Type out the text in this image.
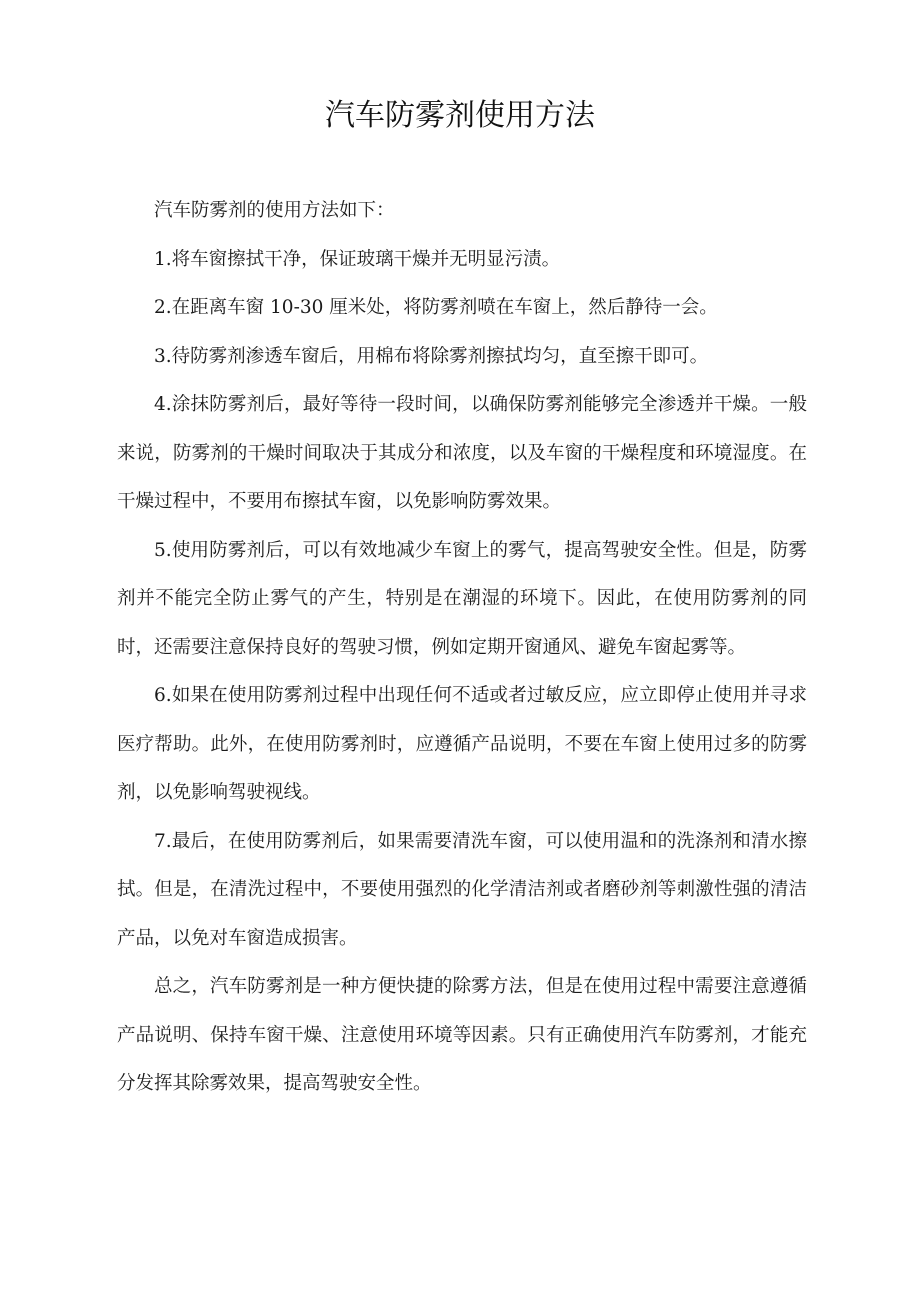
汽车防雾剂使用方法

汽车防雾剂的使用方法如下：

1.将车窗擦拭干净，保证玻璃干燥并无明显污渍。

2.在距离车窗 10-30 厘米处，将防雾剂喷在车窗上，然后静待一会。

3.待防雾剂渗透车窗后，用棉布将除雾剂擦拭均匀，直至擦干即可。

4.涂抹防雾剂后，最好等待一段时间，以确保防雾剂能够完全渗透并干燥。一般来说，防雾剂的干燥时间取决于其成分和浓度，以及车窗的干燥程度和环境湿度。在干燥过程中，不要用布擦拭车窗，以免影响防雾效果。

5.使用防雾剂后，可以有效地减少车窗上的雾气，提高驾驶安全性。但是，防雾剂并不能完全防止雾气的产生，特别是在潮湿的环境下。因此，在使用防雾剂的同时，还需要注意保持良好的驾驶习惯，例如定期开窗通风、避免车窗起雾等。

6.如果在使用防雾剂过程中出现任何不适或者过敏反应，应立即停止使用并寻求医疗帮助。此外，在使用防雾剂时，应遵循产品说明，不要在车窗上使用过多的防雾剂，以免影响驾驶视线。

7.最后，在使用防雾剂后，如果需要清洗车窗，可以使用温和的洗涤剂和清水擦拭。但是，在清洗过程中，不要使用强烈的化学清洁剂或者磨砂剂等刺激性强的清洁产品，以免对车窗造成损害。

总之，汽车防雾剂是一种方便快捷的除雾方法，但是在使用过程中需要注意遵循产品说明、保持车窗干燥、注意使用环境等因素。只有正确使用汽车防雾剂，才能充分发挥其除雾效果，提高驾驶安全性。
